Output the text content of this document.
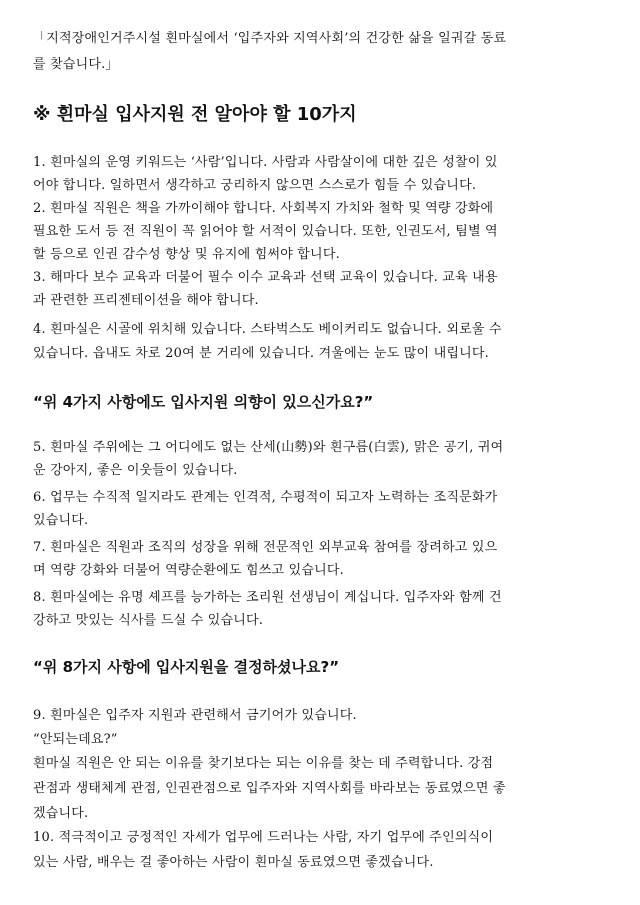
「지적장애인거주시설 흰마실에서 ‘입주자와 지역사회’의 건강한 삶을 일궈갈 동료
를 찾습니다.」
※ 흰마실 입사지원 전 알아야 할 10가지
1. 흰마실의 운영 키워드는 ‘사람’입니다. 사람과 사람살이에 대한 깊은 성찰이 있
어야 합니다. 일하면서 생각하고 궁리하지 않으면 스스로가 힘들 수 있습니다.
2. 흰마실 직원은 책을 가까이해야 합니다. 사회복지 가치와 철학 및 역량 강화에
필요한 도서 등 전 직원이 꼭 읽어야 할 서적이 있습니다. 또한, 인권도서, 팀별 역
할 등으로 인권 감수성 향상 및 유지에 힘써야 합니다.
3. 해마다 보수 교육과 더불어 필수 이수 교육과 선택 교육이 있습니다. 교육 내용
과 관련한 프리젠테이션을 해야 합니다.
4. 흰마실은 시골에 위치해 있습니다. 스타벅스도 베이커리도 없습니다. 외로울 수
있습니다. 읍내도 차로 20여 분 거리에 있습니다. 겨울에는 눈도 많이 내립니다.
“위 4가지 사항에도 입사지원 의향이 있으신가요?”
5. 흰마실 주위에는 그 어디에도 없는 산세(山勢)와 흰구름(白雲), 맑은 공기, 귀여
운 강아지, 좋은 이웃들이 있습니다.
6. 업무는 수직적 일지라도 관계는 인격적, 수평적이 되고자 노력하는 조직문화가
있습니다.
7. 흰마실은 직원과 조직의 성장을 위해 전문적인 외부교육 참여를 장려하고 있으
며 역량 강화와 더불어 역량순환에도 힘쓰고 있습니다.
8. 흰마실에는 유명 셰프를 능가하는 조리원 선생님이 계십니다. 입주자와 함께 건
강하고 맛있는 식사를 드실 수 있습니다.
“위 8가지 사항에 입사지원을 결정하셨나요?”
9. 흰마실은 입주자 지원과 관련해서 금기어가 있습니다.
“안되는데요?”
흰마실 직원은 안 되는 이유를 찾기보다는 되는 이유를 찾는 데 주력합니다. 강점
관점과 생태체계 관점, 인권관점으로 입주자와 지역사회를 바라보는 동료였으면 좋
겠습니다.
10. 적극적이고 긍정적인 자세가 업무에 드러나는 사람, 자기 업무에 주인의식이
있는 사람, 배우는 걸 좋아하는 사람이 흰마실 동료였으면 좋겠습니다.
